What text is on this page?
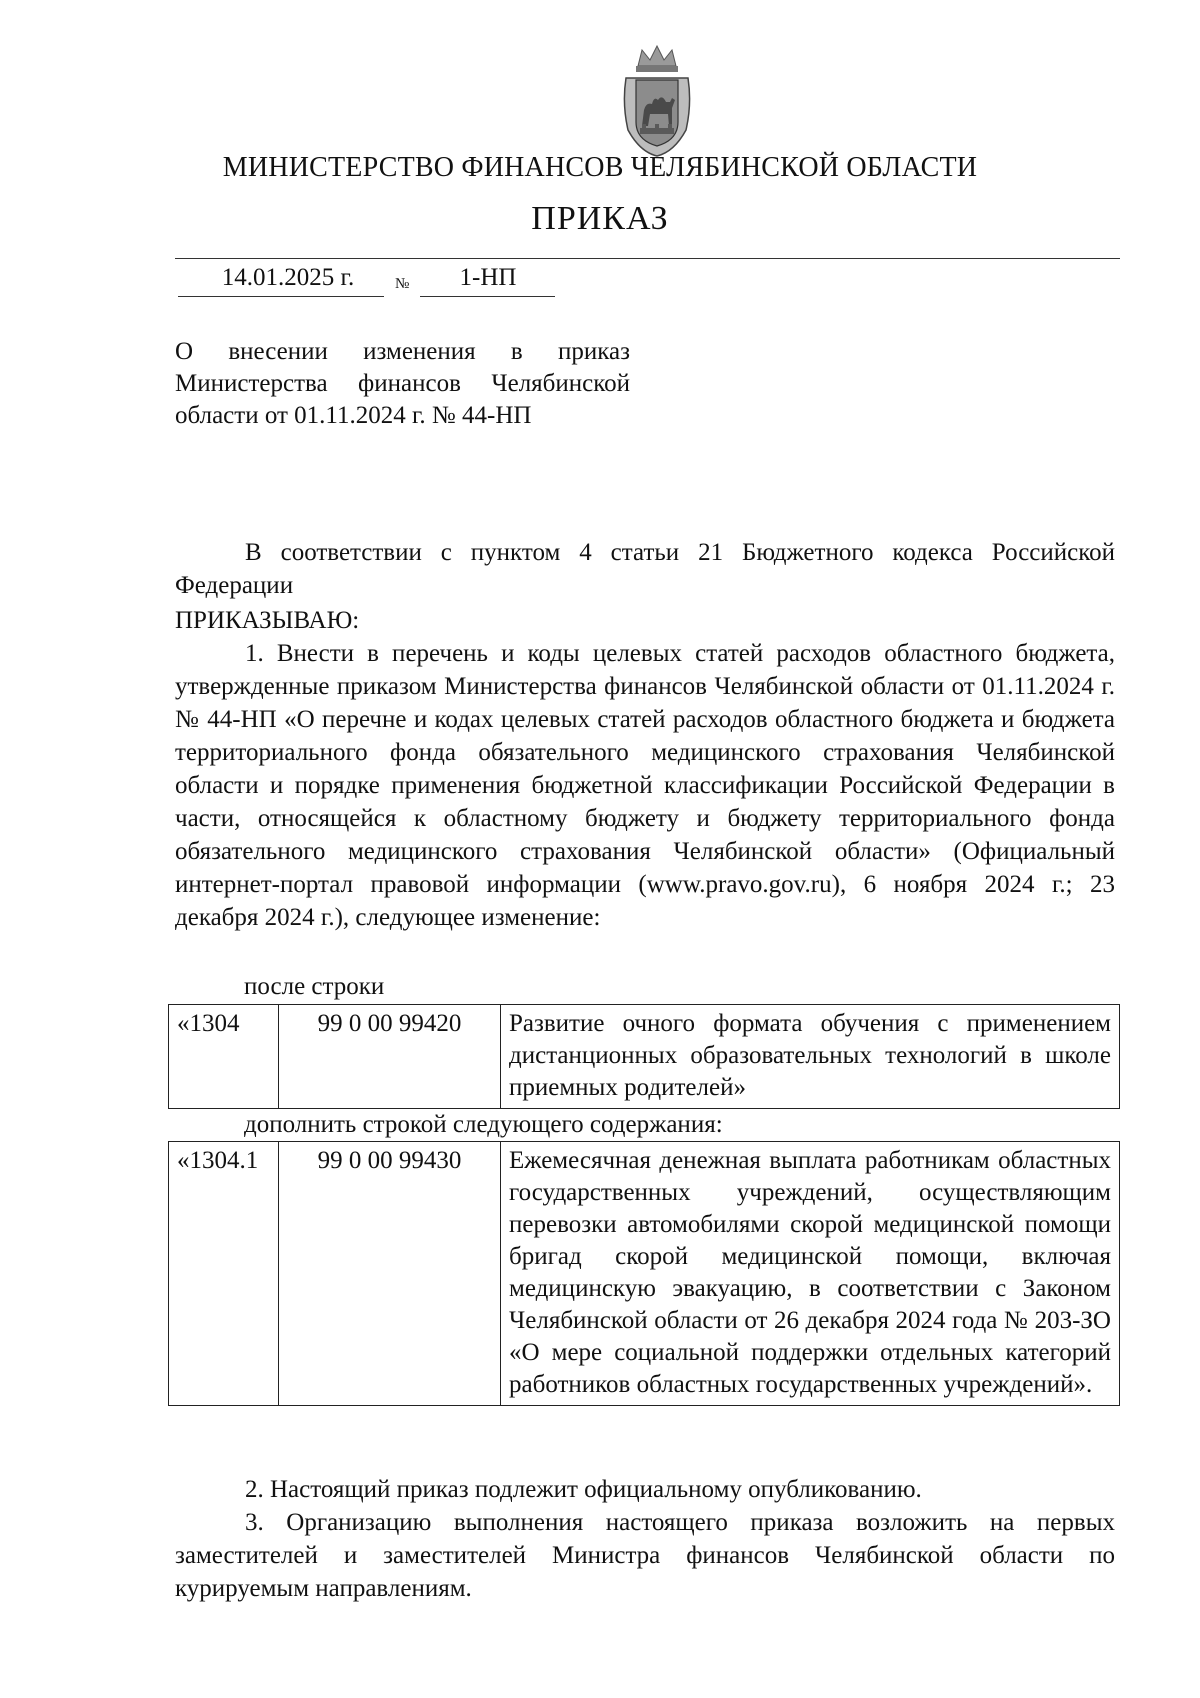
МИНИСТЕРСТВО ФИНАНСОВ ЧЕЛЯБИНСКОЙ ОБЛАСТИ
ПРИКАЗ
14.01.2025 г.	№	1-НП
О внесении изменения в приказ Министерства финансов Челябинской области от 01.11.2024 г. № 44-НП
В соответствии с пунктом 4 статьи 21 Бюджетного кодекса Российской Федерации
ПРИКАЗЫВАЮ:
1. Внести в перечень и коды целевых статей расходов областного бюджета, утвержденные приказом Министерства финансов Челябинской области от 01.11.2024 г. № 44-НП «О перечне и кодах целевых статей расходов областного бюджета и бюджета территориального фонда обязательного медицинского страхования Челябинской области и порядке применения бюджетной классификации Российской Федерации в части, относящейся к областному бюджету и бюджету территориального фонда обязательного медицинского страхования Челябинской области» (Официальный интернет-портал правовой информации (www.pravo.gov.ru), 6 ноября 2024 г.; 23 декабря 2024 г.), следующее изменение:
после строки
«1304	99 0 00 99420	Развитие очного формата обучения с применением дистанционных образовательных технологий в школе приемных родителей»
дополнить строкой следующего содержания:
«1304.1	99 0 00 99430	Ежемесячная денежная выплата работникам областных государственных учреждений, осуществляющим перевозки автомобилями скорой медицинской помощи бригад скорой медицинской помощи, включая медицинскую эвакуацию, в соответствии с Законом Челябинской области от 26 декабря 2024 года № 203-ЗО «О мере социальной поддержки отдельных категорий работников областных государственных учреждений».
2. Настоящий приказ подлежит официальному опубликованию.
3. Организацию выполнения настоящего приказа возложить на первых заместителей и заместителей Министра финансов Челябинской области по курируемым направлениям.
